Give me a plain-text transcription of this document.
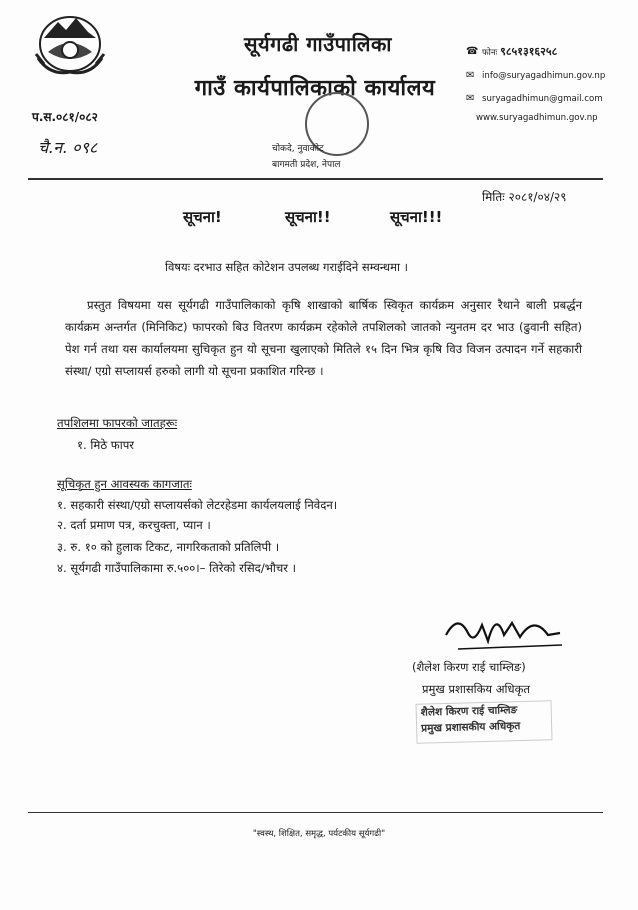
सूर्यगढी गाउँपालिका
गाउँ कार्यपालिकाको कार्यालय
☎ फोनः
९८५१३१६२५८
✉ info@suryagadhimun.gov.np
✉ suryagadhimun@gmail.com
www.suryagadhimun.gov.np
प.स.०८१/०८२
चै.न. ०९८	चोकदे, नुवाकोट
बागमती प्रदेश, नेपाल
मितिः २०८१/०४/२९
सूचना!	सूचना!!	सूचना!!!
विषयः दरभाउ सहित कोटेशन उपलब्ध गराईदिने सम्वन्धमा ।
प्रस्तुत विषयमा यस सूर्यगढी गाउँपालिकाको कृषि शाखाको बार्षिक स्विकृत कार्यक्रम अनुसार रैथाने बाली प्रबर्द्धन कार्यक्रम अन्तर्गत (मिनिकिट) फापरको बिउ वितरण कार्यक्रम रहेकोले तपशिलको जातको न्युनतम दर भाउ (ढुवानी सहित) पेश गर्न तथा यस कार्यालयमा सुचिकृत हुन यो सूचना खुलाएको मितिले १५ दिन भित्र कृषि विउ विजन उत्पादन गर्ने सहकारी संस्था/ एग्रो सप्लायर्स हरुको लागी यो सूचना प्रकाशित गरिन्छ ।
तपशिलमा फापरको जातहरूः
१. मिठे फापर
सूचिकृत हुन आवस्यक कागजातः
१. सहकारी संस्था/एग्रो सप्लायर्सको लेटरहेडमा कार्यलयलाई निवेदन।
२. दर्ता प्रमाण पत्र, करचुक्ता, प्यान ।
३. रु. १० को हुलाक टिकट, नागरिकताको प्रतिलिपी ।
४. सूर्यगढी गाउँपालिकामा रु.५००।– तिरेको रसिद/भौचर ।
(शैलेश किरण राई चाम्लिङ)
प्रमुख प्रशासकिय अधिकृत
शैलेश किरण राई चाम्लिङ
प्रमुख प्रशासकीय अधिकृत
"स्वस्थ, शिक्षित, समृद्ध, पर्यटकीय सूर्यगढी"
